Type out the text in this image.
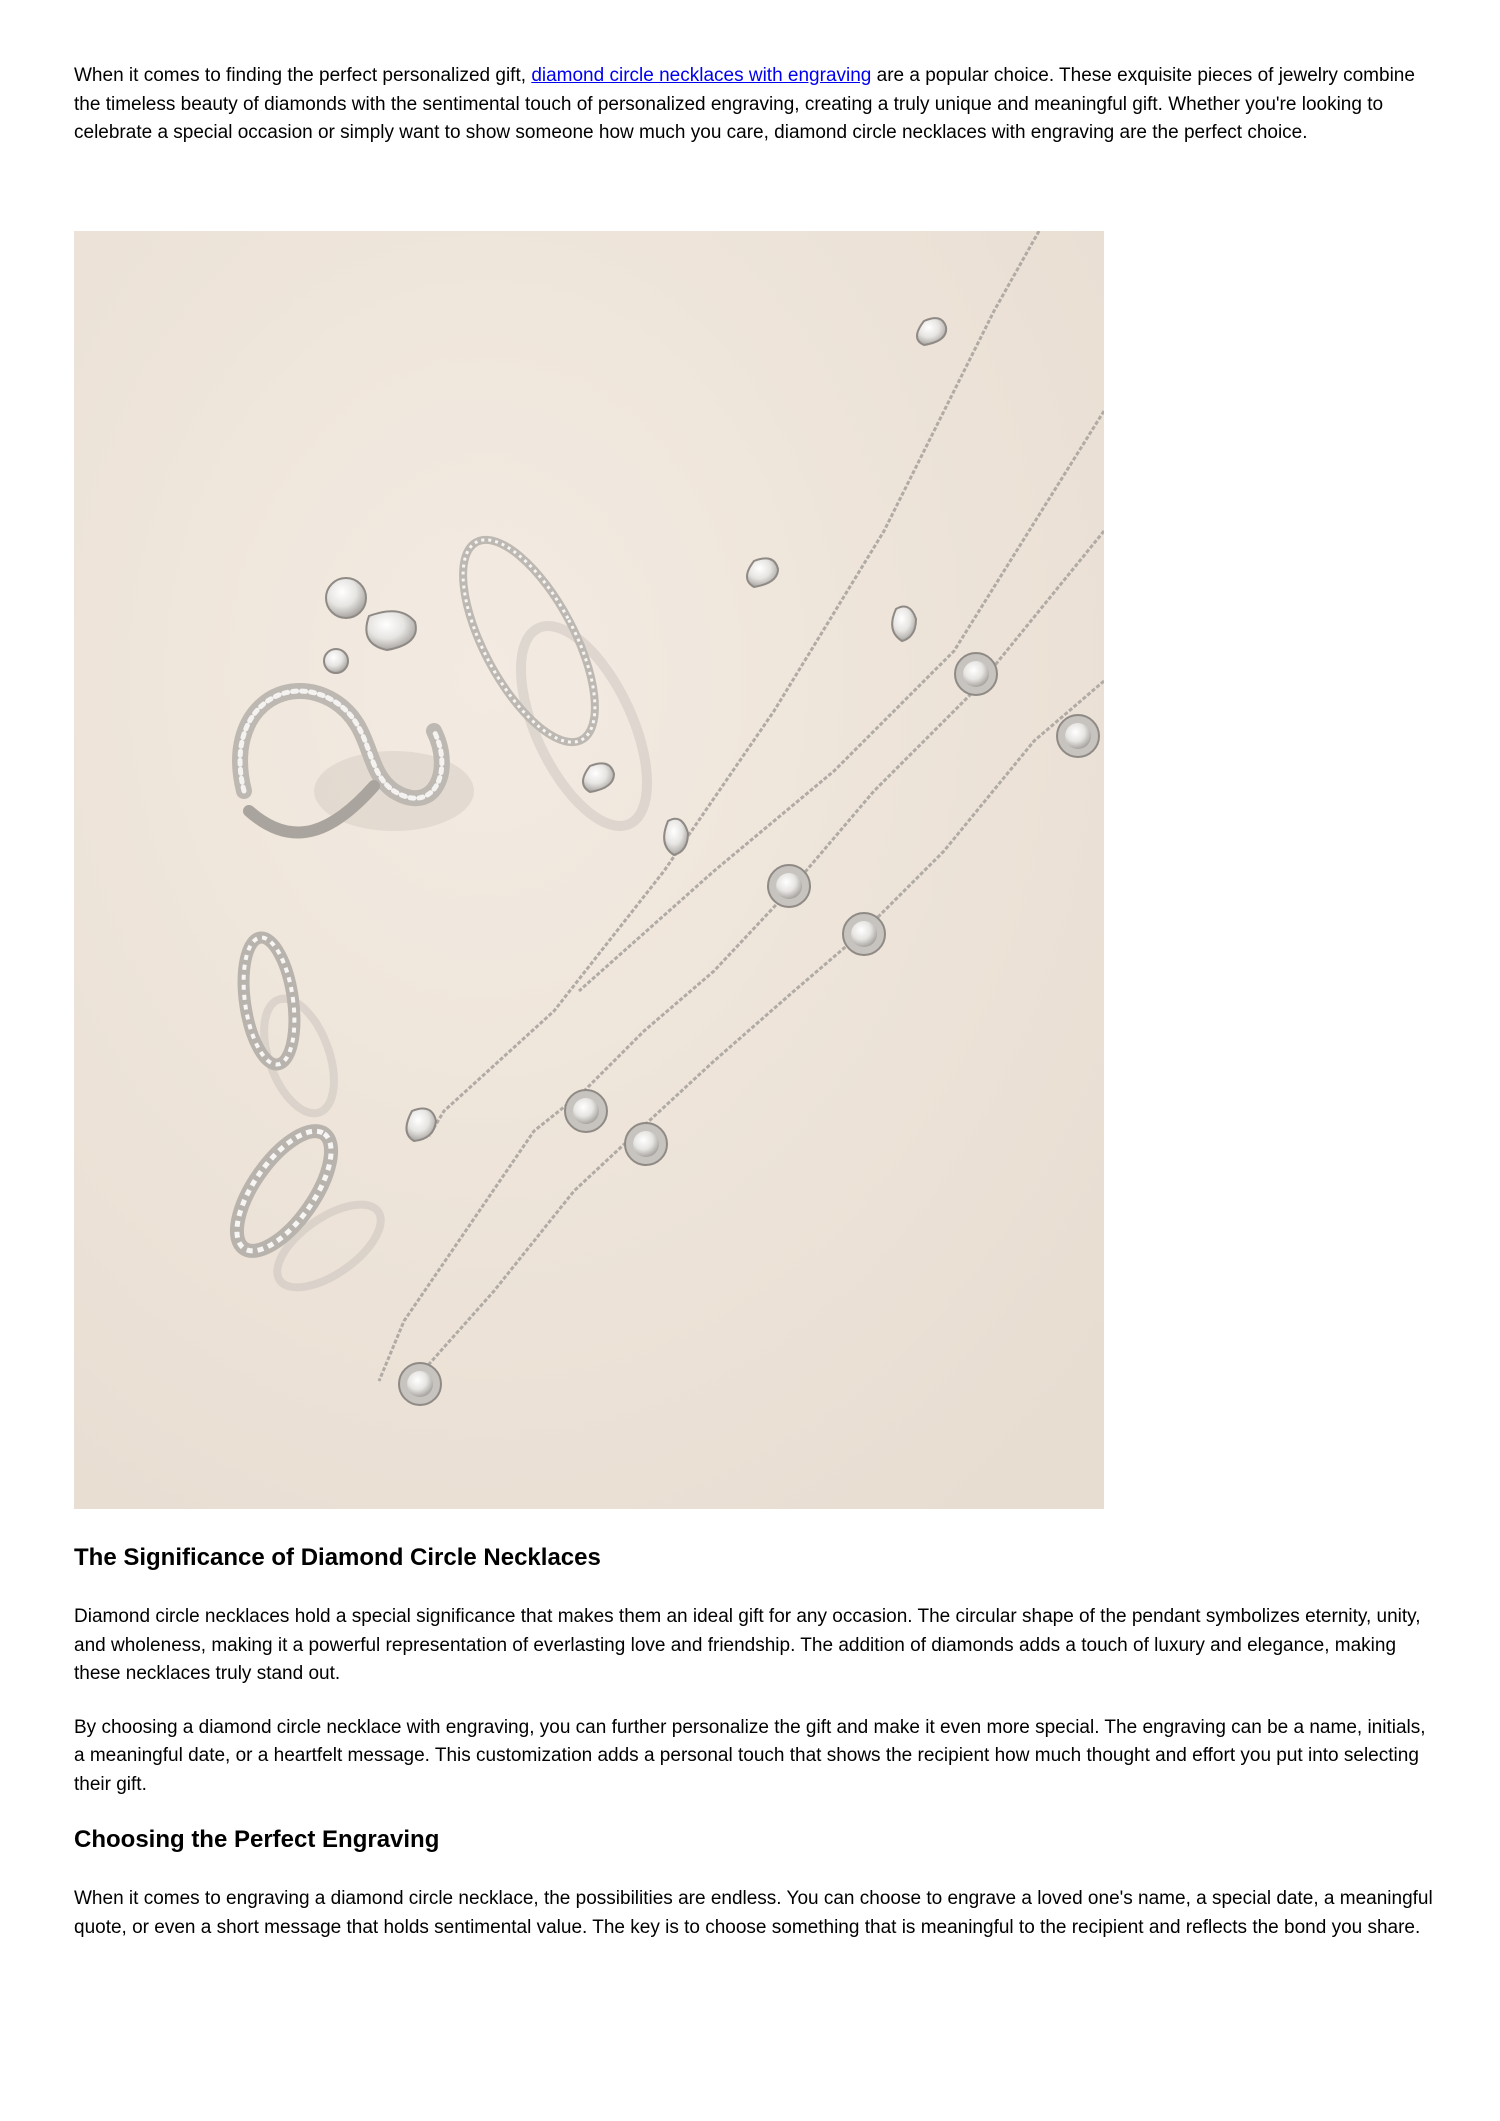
When it comes to finding the perfect personalized gift, diamond circle necklaces with engraving are a popular choice. These exquisite pieces of jewelry combine the timeless beauty of diamonds with the sentimental touch of personalized engraving, creating a truly unique and meaningful gift. Whether you're looking to celebrate a special occasion or simply want to show someone how much you care, diamond circle necklaces with engraving are the perfect choice.

The Significance of Diamond Circle Necklaces

Diamond circle necklaces hold a special significance that makes them an ideal gift for any occasion. The circular shape of the pendant symbolizes eternity, unity, and wholeness, making it a powerful representation of everlasting love and friendship. The addition of diamonds adds a touch of luxury and elegance, making these necklaces truly stand out.

By choosing a diamond circle necklace with engraving, you can further personalize the gift and make it even more special. The engraving can be a name, initials, a meaningful date, or a heartfelt message. This customization adds a personal touch that shows the recipient how much thought and effort you put into selecting their gift.

Choosing the Perfect Engraving

When it comes to engraving a diamond circle necklace, the possibilities are endless. You can choose to engrave a loved one's name, a special date, a meaningful quote, or even a short message that holds sentimental value. The key is to choose something that is meaningful to the recipient and reflects the bond you share.
